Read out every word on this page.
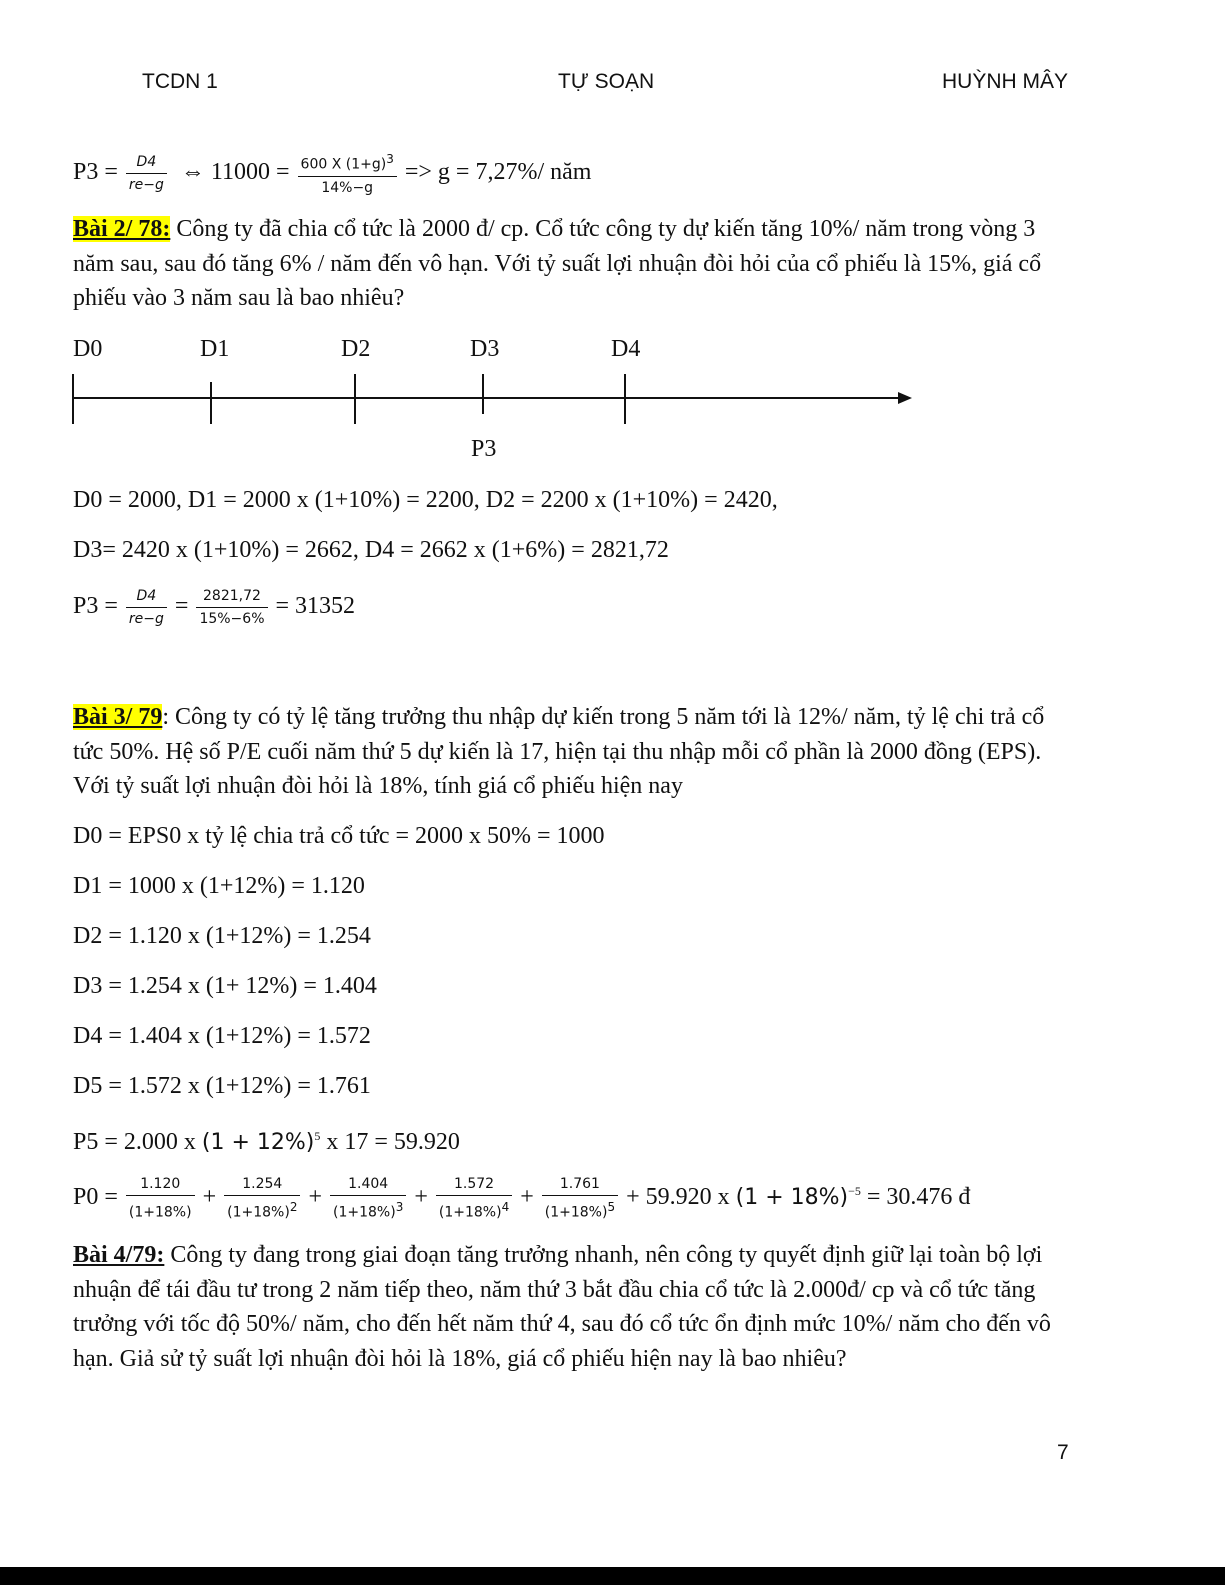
TCDN 1	TỰ SOẠN	HUỲNH MÂY
$P3 = \frac{D4}{re-g}$ ⇔ $11000 = \frac{600 X (1+g)^3}{14\%-g} => g = 7,27\%/$ năm
Bài 2/ 78: Công ty đã chia cổ tức là 2000 đ/ cp. Cổ tức công ty dự kiến tăng 10%/ năm trong vòng 3 năm sau, sau đó tăng 6% / năm đến vô hạn. Với tỷ suất lợi nhuận đòi hỏi của cổ phiếu là 15%, giá cổ phiếu vào 3 năm sau là bao nhiêu?
D0	D1	D2	D3	D4
P3
D0 = 2000, D1 = 2000 x (1+10%) = 2200, D2 = 2200 x (1+10%) = 2420,
D3= 2420 x (1+10%) = 2662, D4 = 2662 x (1+6%) = 2821,72
$P3 = \frac{D4}{re-g} = \frac{2821,72}{15\%-6\%} = 31352$
Bài 3/ 79: Công ty có tỷ lệ tăng trưởng thu nhập dự kiến trong 5 năm tới là 12%/ năm, tỷ lệ chi trả cổ tức 50%. Hệ số P/E cuối năm thứ 5 dự kiến là 17, hiện tại thu nhập mỗi cổ phần là 2000 đồng (EPS). Với tỷ suất lợi nhuận đòi hỏi là 18%, tính giá cổ phiếu hiện nay
D0 = EPS0 x tỷ lệ chia trả cổ tức = 2000 x 50% = 1000
D1 = 1000 x (1+12%) = 1.120
D2 = 1.120 x (1+12%) = 1.254
D3 = 1.254 x (1+ 12%) = 1.404
D4 = 1.404 x (1+12%) = 1.572
D5 = 1.572 x (1+12%) = 1.761
P5 = 2.000 x $(1 + 12\%)^5$ x 17 = 59.920
$P0 = \frac{1.120}{(1+18\%)} + \frac{1.254}{(1+18\%)^2} + \frac{1.404}{(1+18\%)^3} + \frac{1.572}{(1+18\%)^4} + \frac{1.761}{(1+18\%)^5} + 59.920$ x $(1 + 18\%)^{-5} = 30.476$ đ
Bài 4/79: Công ty đang trong giai đoạn tăng trưởng nhanh, nên công ty quyết định giữ lại toàn bộ lợi nhuận để tái đầu tư trong 2 năm tiếp theo, năm thứ 3 bắt đầu chia cổ tức là 2.000đ/ cp và cổ tức tăng trưởng với tốc độ 50%/ năm, cho đến hết năm thứ 4, sau đó cổ tức ổn định mức 10%/ năm cho đến vô hạn. Giả sử tỷ suất lợi nhuận đòi hỏi là 18%, giá cổ phiếu hiện nay là bao nhiêu?
7
